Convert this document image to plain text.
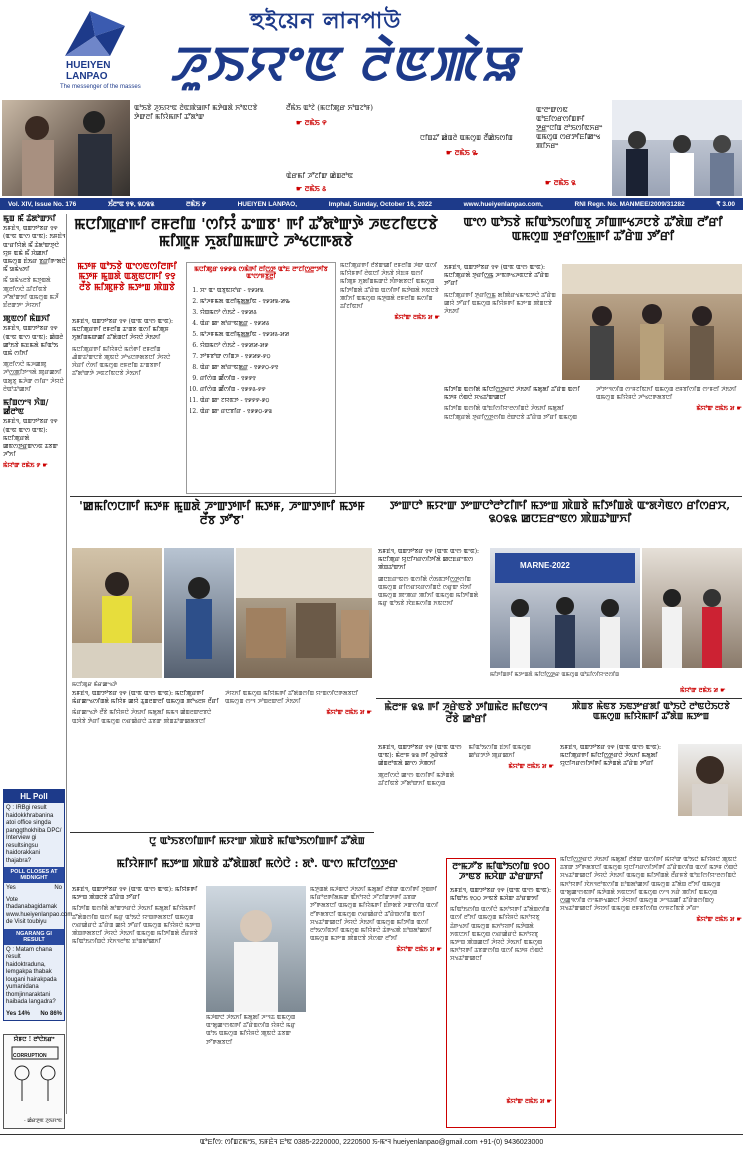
HUEIYEN
LANPAO
The messenger of the masses
হুইয়েন লানপাউ
ꯍꯨꯏꯌꯦꯟ ꯂꯥꯟꯄꯥꯎ
ꯑꯣꯏꯕꯥ ꯍꯨꯏꯌꯦꯟ ꯂꯥꯟꯄꯥꯎꯒꯤ ꯃꯇꯥꯡꯗꯥ ꯈꯣꯟꯅꯕꯥ ꯇꯥꯛꯂꯤ ꯃꯤꯌꯥꯃꯒꯤ ꯊꯧꯗꯣꯛ
ꯂꯩꯃꯥꯏ ꯑꯣꯖꯥ (ꯃꯅꯤꯄꯨꯔ ꯈꯣꯡꯖꯣꯝ)
☛ ꯂꯃꯥꯏ ꯵
ꯅꯤꯡꯊꯧ ꯀꯥꯡꯂꯥ ꯑꯃꯁꯨꯡ ꯂꯩꯀꯥꯏꯁꯤꯡ
☛ ꯂꯃꯥꯏ ꯳
ꯑꯥꯔꯃꯤ ꯍꯧꯖꯤꯛ ꯀꯥꯡꯂꯣꯟ
☛ ꯂꯃꯥꯏ ꯴
ꯑꯦꯂꯦꯛꯁꯟ ꯑꯣꯐꯤꯁꯔꯁꯤꯡꯒꯤ ꯇ꯭ꯔꯦꯅꯤꯡ ꯂꯣꯏꯁꯤꯟꯈꯔꯦ ꯑꯃꯁꯨꯡ ꯁꯔꯇꯤꯐꯤꯀꯦꯠ ꯄꯤꯈꯔꯦ
☛ ꯂꯃꯥꯏ ꯲
Vol. XIV, Issue No. 176	ꯏꯪꯂꯦꯟ ꯱꯶, ꯲꯰꯲꯲	ꯂꯃꯥꯏ ꯸	HUEIYEN LANPAO,	Imphal, Sunday, October 16, 2022	www.hueiyenlanpao.com,	RNI Regn. No. MANMEE/2009/31282	₹ 3.00
ꯃꯨꯡ ꯃꯩ ꯊꯥꯗꯣꯛꯈꯤ

ꯏꯝꯐꯥꯜ, ꯑꯛꯇꯣꯕꯔ ꯱꯵ (ꯑꯦꯟ ꯑꯦꯁ ꯑꯦꯟ): ꯏꯝꯐꯥꯜ ꯑꯦꯔꯤꯌꯥꯗꯥ ꯃꯩ ꯊꯥꯗꯣꯛꯇꯨꯅꯥ ꯌꯨꯝ ꯑꯃꯥ ꯃꯩ ꯆꯥꯀꯈꯤ ꯑꯃꯁꯨꯡ ꯐꯥꯏꯔ ꯕ꯭ꯔꯤꯒꯦꯗꯅꯥ ꯃꯩ ꯎꯃꯥꯠꯈꯤ

ꯃꯩ ꯎꯃꯥꯠꯂꯕꯥ ꯃꯇꯨꯡꯗꯥ ꯄꯨꯂꯤꯁꯅꯥ ꯊꯤꯖꯤꯟꯕꯥ ꯍꯧꯗꯣꯛꯈꯤ ꯑꯃꯁꯨꯡ ꯃꯍꯩ ꯐꯪꯂꯛꯇꯦ ꯍꯥꯌꯈꯤ

ꯄꯨꯟꯁꯤ ꯃꯥꯡꯈꯤ

ꯏꯝꯐꯥꯜ, ꯑꯛꯇꯣꯕꯔ ꯱꯵ (ꯑꯦꯟ ꯑꯦꯁ ꯑꯦꯟ): ꯀꯥꯡꯂꯥ ꯀꯣꯏꯕꯥ ꯃꯐꯃꯗꯥ ꯃꯤꯑꯣꯏ ꯑꯃꯥ ꯁꯤꯈꯤ

ꯄꯨꯂꯤꯁꯅꯥ ꯃꯍꯀꯄꯨ ꯍꯣꯁ꯭ꯄꯤꯇꯦꯜꯗꯥ ꯄꯨꯔꯀꯈꯤ ꯑꯗꯨꯕꯨ ꯃꯍꯥꯛ ꯁꯤꯔꯦ ꯍꯥꯌꯅꯥ ꯂꯥꯑꯣꯊꯣꯀꯈꯤ

ꯃꯤꯡꯁꯦꯜ ꯈꯥꯡ/ꯀꯪꯂꯣꯟ

ꯏꯝꯐꯥꯜ, ꯑꯛꯇꯣꯕꯔ ꯱꯵ (ꯑꯦꯟ ꯑꯦꯁ ꯑꯦꯟ): ꯃꯅꯤꯄꯨꯔꯗꯥ ꯀꯟꯁꯇ꯭ꯔꯛꯁꯟ ꯊꯕꯛ ꯍꯧꯈꯤ

ꯃꯥꯌꯣꯛ ꯂꯃꯥꯏ ꯸ ☛
HL Poll
Q : IRBgi result haidokkhrabanina atoi office singda panggthokhiba DPC/ Interview gi resultsingsu haidorakkani thajabra?
POLL CLOSES AT MIDNIGHT
Yes	No
Vote thadanabagidamak www.hueiyenlanpao.com de Visit toubiyu
NGARANG GI RESULT
Q : Matam chana result haidoktraduna, lemgakpa thabak lougani hairakpada yumanidana thomjinnaraktani haibada langadra?
Yes 14% No 86%
ꯌꯥꯝꯅ ! ꯂꯣꯅꯥꯏꯔꯦ
CORRUPTION
- ꯀꯥꯔꯇꯨꯟ ꯍꯨꯏꯌꯦꯟ
ꯃꯅꯤꯄꯨꯔꯒꯤ ꯂꯝꯂꯤꯡ 'ꯁꯤꯌꯪ ꯊꯦꯡꯕ' ꯒꯤ ꯊꯧꯗꯣꯛꯇꯥ ꯍꯟꯖꯤꯟꯅꯕꯥ ꯃꯤꯄꯨꯝ ꯈꯨꯗꯤꯡꯃꯛꯅꯥ ꯍꯣꯠꯅꯒꯗꯕꯥ
ꯃꯇꯝ ꯑꯣꯏꯕꯥ ꯑꯦꯁꯟꯁꯤꯂꯒꯤ ꯃꯇꯝ ꯃꯨꯡꯗꯥ ꯑꯗꯨꯟꯅꯒꯤ ꯱꯱ ꯂꯩꯕꯥ ꯃꯤꯄꯨꯝꯕꯥ ꯃꯇꯦꯡ ꯄꯥꯡꯕꯥ

ꯏꯝꯐꯥꯜ, ꯑꯛꯇꯣꯕꯔ ꯱꯵ (ꯑꯦꯟ ꯑꯦꯁ ꯑꯦꯟ): ꯃꯅꯤꯄꯨꯔꯒꯤ ꯂꯝꯂꯤꯡ ꯊꯦꯡꯕ ꯑꯁꯤ ꯃꯤꯄꯨꯝ ꯈꯨꯗꯤꯡꯃꯛꯀꯤ ꯊꯧꯗꯥꯡꯅꯤ ꯍꯥꯌꯅꯥ ꯍꯥꯏꯈꯤ

ꯃꯅꯤꯄꯨꯔꯒꯤ ꯃꯤꯌꯥꯝꯅꯥ ꯃꯁꯥꯒꯤ ꯂꯝꯂꯤꯡ ꯉꯥꯛꯊꯣꯛꯅꯕꯥ ꯄꯨꯟꯅꯥ ꯍꯣꯠꯅꯒꯗꯕꯅꯤ ꯍꯥꯌꯅꯥ ꯋꯥꯔꯤ ꯁꯥꯈꯤ ꯑꯃꯁꯨꯡ ꯂꯝꯂꯤꯡ ꯊꯦꯡꯕꯒꯤ ꯊꯧꯗꯣꯛꯇꯥ ꯍꯟꯖꯤꯟꯅꯕꯥ ꯍꯥꯏꯈꯤ

ꯃꯅꯤꯄꯨꯔ ꯱꯹꯹꯲ ꯁꯃꯥꯒꯤ ꯂꯤꯁ꯭ꯇ ꯑꯣꯐ ꯂꯦꯖꯤꯁ꯭ꯂꯦꯇꯤꯕ ꯑꯦꯁꯦꯝꯕ꯭ꯂꯤ
1. ꯆꯦ ꯑꯦ ꯑꯕꯨꯟꯆꯣꯔ - ꯱꯹꯷꯲
2. ꯃꯣꯍꯝꯃꯗ ꯑꯂꯤꯃꯨꯗ꯭ꯗꯤꯟ - ꯱꯹꯷꯲-꯷꯳
3. ꯌꯥꯡꯃꯁꯣ ꯁꯥꯏꯖꯥ - ꯱꯹꯷꯴
4. ꯑꯥꯔ ꯀꯦ ꯗꯣꯔꯦꯟꯗ꯭ꯔ - ꯱꯹꯷꯴
5. ꯃꯣꯍꯝꯃꯗ ꯑꯂꯤꯃꯨꯗ꯭ꯗꯤꯟ - ꯱꯹꯷꯴-꯷꯷
6. ꯌꯥꯡꯃꯁꯣ ꯁꯥꯏꯖꯥ - ꯱꯹꯷꯷-꯷꯹
7. ꯇꯣꯝꯕꯣꯛ ꯁꯤꯡꯍ - ꯱꯹꯷꯹-꯸꯰
8. ꯑꯥꯔ ꯀꯦ ꯗꯣꯔꯦꯟꯗ꯭ꯔ - ꯱꯹꯸꯰-꯸꯱
9. ꯔꯤꯁꯥꯡ ꯀꯩꯁꯤꯡ - ꯱꯹꯸꯱
10. ꯔꯤꯁꯥꯡ ꯀꯩꯁꯤꯡ - ꯱꯹꯸꯴-꯸꯸
11. ꯑꯥꯔ ꯀꯦ ꯖꯌꯟꯇ - ꯱꯹꯸꯸-꯹꯰
12. ꯑꯥꯔ ꯀꯦ ꯔꯅꯕꯤꯔ - ꯱꯹꯹꯰-꯹꯲

ꯃꯅꯤꯄꯨꯔꯒꯤ ꯂꯩꯕꯥꯛꯀꯤ ꯂꯝꯂꯤꯡ ꯍꯥꯛ ꯑꯁꯤ ꯃꯤꯌꯥꯝꯒꯤ ꯂꯥꯟꯅꯤ ꯍꯥꯏꯕꯥ ꯋꯥꯐꯝ ꯑꯁꯤ ꯃꯤꯄꯨꯝ ꯈꯨꯗꯤꯡꯃꯛꯅꯥ ꯈꯪꯒꯗꯕꯅꯤ ꯑꯃꯁꯨꯡ ꯃꯤꯇꯤꯡꯗꯥ ꯊꯧꯔꯥꯡ ꯑꯁꯤꯒꯤ ꯃꯇꯥꯡꯗꯥ ꯈꯟꯅꯕꯥ ꯄꯤꯈꯤ ꯑꯃꯁꯨꯡ ꯃꯇꯨꯡꯗꯥ ꯂꯝꯂꯤꯡ ꯃꯁꯤꯡ ꯊꯤꯖꯤꯟꯈꯤ

ꯃꯥꯌꯣꯛ ꯂꯃꯥꯏ ꯷ ☛
ꯑꯦꯁ ꯑꯣꯏꯕꯥ ꯃꯤꯑꯣꯏꯁꯤꯡꯕꯨ ꯍꯤꯡꯒꯠꯍꯅꯕꯥ ꯊꯧꯗꯥꯡ ꯂꯧꯔꯤ ꯑꯃꯁꯨꯡ ꯇꯨꯔꯤꯁ꯭ꯃꯒꯤ ꯊꯧꯔꯥꯡ ꯇꯧꯔꯤ

ꯏꯝꯐꯥꯜ, ꯑꯛꯇꯣꯕꯔ ꯱꯵ (ꯑꯦꯟ ꯑꯦꯁ ꯑꯦꯟ): ꯃꯅꯤꯄꯨꯔꯗꯥ ꯇꯨꯔꯤꯁ꯭ꯃ ꯍꯦꯟꯒꯠꯍꯟꯅꯕꯥ ꯊꯧꯔꯥꯡ ꯇꯧꯔꯤ

ꯃꯅꯤꯄꯨꯔꯒꯤ ꯇꯨꯔꯤꯁ꯭ꯃ ꯗꯤꯄꯥꯔꯠꯃꯦꯟꯇꯅꯥ ꯊꯧꯔꯥꯡ ꯀꯌꯥ ꯇꯧꯔꯤ ꯑꯃꯁꯨꯡ ꯃꯤꯌꯥꯝꯒꯤ ꯃꯇꯦꯡ ꯄꯥꯡꯅꯕꯥ ꯍꯥꯏꯈꯤ

ꯃꯤꯇꯤꯡ ꯑꯁꯤꯗꯥ ꯃꯤꯅꯤꯁ꯭ꯇꯔꯅꯥ ꯍꯥꯏꯈꯤ ꯃꯗꯨꯗꯤ ꯊꯧꯔꯥꯡ ꯑꯁꯤ ꯃꯇꯝ ꯁꯥꯡꯅꯥ ꯆꯠꯊꯣꯛꯀꯅꯤ

ꯃꯤꯇꯤꯡ ꯑꯁꯤꯗꯥ ꯑꯣꯐꯤꯁꯤꯌꯦꯂꯁꯤꯡꯅꯥ ꯍꯥꯏꯈꯤ ꯃꯗꯨꯗꯤ ꯃꯅꯤꯄꯨꯔꯗꯥ ꯇꯨꯔꯤꯁ꯭ꯇꯁꯤꯡ ꯂꯥꯛꯅꯕꯥ ꯊꯧꯔꯥꯡ ꯇꯧꯔꯤ ꯑꯃꯁꯨꯡ ꯍꯣꯇꯦꯜꯁꯤꯡ ꯁꯦꯝꯖꯤꯟꯈꯤ ꯑꯃꯁꯨꯡ ꯂꯝꯕꯤꯁꯤꯡ ꯁꯦꯝꯂꯤ ꯍꯥꯏꯈꯤ ꯑꯃꯁꯨꯡ ꯃꯤꯌꯥꯝꯅꯥ ꯍꯣꯠꯅꯒꯗꯕꯅꯤ

ꯃꯥꯌꯣꯛ ꯂꯃꯥꯏ ꯷ ☛
'ꯀꯃꯤꯁꯅꯒꯤ ꯃꯇꯝ ꯃꯨꯡꯗꯥ ꯍꯦꯛꯇꯒꯤ ꯃꯇꯝ, ꯍꯦꯛꯇꯒꯤ ꯃꯇꯝ ꯂꯩꯕ ꯇꯧꯕ'
ꯃꯅꯤꯄꯨꯔ ꯃꯥꯔꯀꯦꯠꯇꯥ

ꯏꯝꯐꯥꯜ, ꯑꯛꯇꯣꯕꯔ ꯱꯵ (ꯑꯦꯟ ꯑꯦꯁ ꯑꯦꯟ): ꯃꯅꯤꯄꯨꯔꯒꯤ ꯃꯥꯔꯀꯦꯠꯁꯤꯡꯗꯥ ꯃꯤꯌꯥꯝ ꯀꯌꯥ ꯊꯨꯡꯂꯛꯂꯤ ꯑꯃꯁꯨꯡ ꯄꯣꯠꯂꯝ ꯂꯩꯔꯤ

ꯃꯥꯔꯀꯦꯠꯇꯥ ꯂꯩꯕꯥ ꯃꯤꯌꯥꯝꯅꯥ ꯍꯥꯏꯈꯤ ꯃꯗꯨꯗꯤ ꯃꯃꯜ ꯀꯥꯡꯂꯛꯂꯕꯅꯥ ꯑꯋꯥꯕꯥ ꯇꯥꯔꯤ ꯑꯃꯁꯨꯡ ꯁꯔꯀꯥꯔꯅꯥ ꯊꯕꯛ ꯄꯥꯡꯊꯣꯛꯀꯗꯕꯅꯤ ꯍꯥꯌꯈꯤ ꯑꯃꯁꯨꯡ ꯃꯤꯌꯥꯃꯒꯤ ꯊꯧꯗꯥꯡꯁꯤꯡ ꯌꯦꯡꯁꯤꯅꯒꯗꯕꯅꯤ ꯑꯃꯁꯨꯡ ꯁꯦꯜ ꯍꯣꯡꯂꯛꯂꯤ ꯍꯥꯏꯈꯤ

ꯃꯥꯌꯣꯛ ꯂꯃꯥꯏ ꯷ ☛
ꯇꯦꯛꯅꯣ ꯃꯌꯦꯛ ꯇꯦꯛꯅꯣꯂꯣꯖꯤꯒꯤ ꯃꯇꯦꯡ ꯄꯥꯡꯕꯥ ꯃꯤꯇꯤꯡꯗꯥ ꯑꯦꯗꯚꯥꯟꯁ ꯔꯤꯁꯔꯆ, ꯲꯰꯲꯲ ꯀꯅꯐꯔꯦꯟꯁ ꯄꯥꯡꯊꯣꯛꯈꯤ

ꯏꯝꯐꯥꯜ, ꯑꯛꯇꯣꯕꯔ ꯱꯵ (ꯑꯦꯟ ꯑꯦꯁ ꯑꯦꯟ): ꯃꯅꯤꯄꯨꯔ ꯌꯨꯅꯤꯚꯔꯁꯤꯇꯤꯗꯥ ꯀꯅꯐꯔꯦꯟꯁ ꯄꯥꯡꯊꯣꯛꯈꯤ

ꯀꯅꯐꯔꯦꯟꯁ ꯑꯁꯤꯗꯥ ꯁꯥꯏꯟꯇꯤꯁ꯭ꯇꯁꯤꯡ ꯑꯃꯁꯨꯡ ꯔꯤꯁꯔꯆꯔꯁꯤꯡꯅꯥ ꯁꯔꯨꯛ ꯌꯥꯈꯤ ꯑꯃꯁꯨꯡ ꯄꯦꯄꯔ ꯄꯤꯈꯤ ꯑꯃꯁꯨꯡ ꯃꯤꯇꯤꯡꯗꯥ ꯃꯔꯨ ꯑꯣꯏꯕꯥ ꯋꯥꯐꯃꯁꯤꯡ ꯈꯟꯅꯈꯤ

MARNE-2022
ꯃꯤꯇꯤꯡꯒꯤ ꯃꯇꯦꯡꯗꯥ ꯃꯤꯅꯤꯁ꯭ꯇꯔ ꯑꯃꯁꯨꯡ ꯑꯣꯐꯤꯁꯤꯌꯦꯂꯁꯤꯡ
ꯃꯥꯌꯣꯛ ꯂꯃꯥꯏ ꯷ ☛
ꯃꯥꯂꯦꯝ ꯲꯲ ꯒꯤ ꯍꯨꯔꯥꯟꯕꯥ ꯇꯤꯡꯃꯥꯂ ꯃꯤꯟꯁꯦꯜ ꯂꯩꯕꯥ ꯀꯣꯔꯤ

ꯏꯝꯐꯥꯜ, ꯑꯛꯇꯣꯕꯔ ꯱꯵ (ꯑꯦꯟ ꯑꯦꯁ ꯑꯦꯟ): ꯃꯥꯂꯦꯝ ꯲꯲ ꯒꯤ ꯍꯨꯔꯥꯟꯕꯥ ꯀꯥꯡꯂꯣꯟꯗꯥ ꯀꯦꯁ ꯍꯥꯄꯈꯤ

ꯄꯨꯂꯤꯁꯅꯥ ꯀꯦꯁ ꯑꯁꯤꯒꯤ ꯃꯇꯥꯡꯗꯥ ꯊꯤꯖꯤꯟꯕꯥ ꯍꯧꯗꯣꯛꯈꯤ ꯑꯃꯁꯨꯡ ꯃꯤꯑꯣꯏꯁꯤꯡ ꯐꯥꯈꯤ ꯑꯃꯁꯨꯡ ꯀꯣꯔꯇꯇꯥ ꯄꯨꯔꯀꯈꯤ

ꯃꯥꯌꯣꯛ ꯂꯃꯥꯏ ꯷ ☛
ꯄꯥꯡꯕ ꯃꯥꯟꯕ ꯏꯟꯇꯦꯔꯗꯤ ꯑꯣꯏꯅꯥ ꯂꯣꯟꯅꯥꯏꯅꯕꯥ ꯑꯃꯁꯨꯡ ꯃꯤꯌꯥꯃꯒꯤ ꯊꯧꯗꯥꯡ ꯃꯇꯦꯡ

ꯏꯝꯐꯥꯜ, ꯑꯛꯇꯣꯕꯔ ꯱꯵ (ꯑꯦꯟ ꯑꯦꯁ ꯑꯦꯟ): ꯃꯅꯤꯄꯨꯔꯒꯤ ꯃꯤꯅꯤꯁ꯭ꯇꯔꯅꯥ ꯍꯥꯏꯈꯤ ꯃꯗꯨꯗꯤ ꯌꯨꯅꯤꯚꯔꯁꯤꯇꯤꯒꯤ ꯃꯇꯥꯡꯗꯥ ꯊꯧꯔꯥꯡ ꯇꯧꯔꯤ

ꯃꯤꯅꯤꯁ꯭ꯇꯔꯅꯥ ꯍꯥꯏꯈꯤ ꯃꯗꯨꯗꯤ ꯂꯩꯕꯥꯛ ꯑꯁꯤꯒꯤ ꯃꯥꯌꯣꯛ ꯑꯣꯏꯅꯥ ꯃꯤꯌꯥꯝꯅꯥ ꯄꯨꯟꯅꯥ ꯊꯕꯛ ꯇꯧꯒꯗꯕꯅꯤ ꯑꯃꯁꯨꯡ ꯌꯨꯅꯤꯚꯔꯁꯤꯇꯤꯒꯤ ꯊꯧꯔꯥꯡꯁꯤꯡ ꯑꯁꯤ ꯃꯇꯝ ꯁꯥꯡꯅꯥ ꯆꯠꯊꯣꯛꯀꯅꯤ ꯍꯥꯌꯅꯥ ꯍꯥꯏꯈꯤ ꯑꯃꯁꯨꯡ ꯃꯤꯇꯤꯡꯗꯥ ꯂꯩꯔꯝꯕꯥ ꯑꯣꯐꯤꯁꯤꯌꯦꯂꯁꯤꯡꯅꯥ ꯃꯈꯣꯌꯒꯤ ꯋꯥꯈꯜꯂꯣꯟꯁꯤꯡ ꯐꯣꯡꯗꯣꯀꯈꯤ ꯑꯃꯁꯨꯡ ꯊꯧꯗꯥꯡ ꯂꯧꯈꯤ ꯑꯃꯁꯨꯡ ꯑꯦꯗꯨꯀꯦꯁꯟꯒꯤ ꯃꯇꯥꯡꯗꯥ ꯈꯟꯅꯈꯤ ꯑꯃꯁꯨꯡ ꯁꯦꯜ ꯈꯔꯥ ꯄꯤꯈꯤ ꯑꯃꯁꯨꯡ ꯁ꯭ꯀꯨꯜꯁꯤꯡ ꯁꯦꯃꯒꯠꯀꯅꯤ ꯍꯥꯌꯈꯤ ꯑꯃꯁꯨꯡ ꯍꯦꯜꯊꯀꯤ ꯊꯧꯔꯥꯡꯁꯤꯡꯁꯨ ꯆꯠꯊꯣꯛꯀꯅꯤ ꯍꯥꯌꯈꯤ ꯑꯃꯁꯨꯡ ꯂꯝꯕꯤꯁꯤꯡ ꯁꯦꯝꯖꯤꯟꯕꯥ ꯍꯧꯔꯦ

ꯃꯥꯌꯣꯛ ꯂꯃꯥꯏ ꯷ ☛
ꯅꯨ ꯑꯣꯏꯕꯁꯤꯡꯒꯤ ꯃꯌꯦꯛ ꯄꯥꯡꯕꯥ ꯃꯤꯑꯣꯏꯁꯤꯡꯒꯤ ꯊꯧꯗꯥꯡ
ꯃꯤꯌꯥꯝꯒꯤ ꯃꯇꯦꯡ ꯄꯥꯡꯕꯥ ꯊꯧꯗꯥꯡꯗꯤ ꯃꯁꯥꯅꯥ : ꯗꯣ. ꯑꯦꯁ ꯃꯤꯅꯤꯁ꯭ꯇꯔ

ꯏꯝꯐꯥꯜ, ꯑꯛꯇꯣꯕꯔ ꯱꯵ (ꯑꯦꯟ ꯑꯦꯁ ꯑꯦꯟ): ꯃꯤꯌꯥꯝꯒꯤ ꯃꯇꯦꯡ ꯄꯥꯡꯅꯕꯥ ꯊꯧꯔꯥꯡ ꯇꯧꯔꯤ

ꯃꯤꯇꯤꯡ ꯑꯁꯤꯗꯥ ꯗꯣꯛꯇꯔꯅꯥ ꯍꯥꯏꯈꯤ ꯃꯗꯨꯗꯤ ꯃꯤꯌꯥꯃꯒꯤ ꯊꯧꯗꯥꯡꯁꯤꯡ ꯑꯁꯤ ꯃꯔꯨ ꯑꯣꯏꯅꯥ ꯌꯦꯡꯒꯗꯕꯅꯤ ꯑꯃꯁꯨꯡ ꯁꯔꯀꯥꯔꯅꯥ ꯊꯧꯔꯥꯡ ꯀꯌꯥ ꯇꯧꯔꯤ ꯑꯃꯁꯨꯡ ꯃꯤꯌꯥꯝꯅꯥ ꯃꯇꯦꯡ ꯄꯥꯡꯒꯗꯕꯅꯤ ꯍꯥꯌꯅꯥ ꯍꯥꯏꯈꯤ ꯑꯃꯁꯨꯡ ꯃꯤꯇꯤꯡꯗꯥ ꯂꯩꯔꯝꯕꯥ ꯃꯤꯑꯣꯏꯁꯤꯡꯅꯥ ꯋꯥꯈꯜꯂꯣꯟ ꯐꯣꯡꯗꯣꯀꯈꯤ

ꯃꯍꯥꯛꯅꯥ ꯍꯥꯏꯈꯤ ꯃꯗꯨꯗꯤ ꯍꯦꯜꯊ ꯑꯃꯁꯨꯡ ꯑꯦꯗꯨꯀꯦꯁꯟꯒꯤ ꯊꯧꯔꯥꯡꯁꯤꯡ ꯌꯥꯝꯅꯥ ꯃꯔꯨ ꯑꯣꯏ ꯑꯃꯁꯨꯡ ꯃꯤꯌꯥꯝꯅꯥ ꯄꯨꯟꯅꯥ ꯊꯕꯛ ꯇꯧꯒꯗꯕꯅꯤ

ꯃꯇꯨꯡꯗꯥ ꯃꯍꯥꯛꯅꯥ ꯍꯥꯏꯈꯤ ꯃꯗꯨꯗꯤ ꯂꯩꯕꯥꯛ ꯑꯁꯤꯒꯤ ꯇꯨꯡꯒꯤ ꯃꯤꯔꯣꯂꯒꯤꯗꯃꯛ ꯑꯩꯈꯣꯌꯅꯥ ꯍꯧꯖꯤꯛꯇꯒꯤ ꯊꯕꯛ ꯇꯧꯒꯗꯕꯅꯤ ꯑꯃꯁꯨꯡ ꯃꯤꯌꯥꯃꯒꯤ ꯐꯪꯒꯗꯕꯥ ꯍꯛꯁꯤꯡ ꯑꯁꯤ ꯂꯧꯒꯗꯕꯅꯤ ꯑꯃꯁꯨꯡ ꯁꯔꯀꯥꯔꯅꯥ ꯊꯧꯔꯥꯡꯁꯤꯡ ꯑꯁꯤ ꯆꯠꯊꯣꯛꯀꯅꯤ ꯍꯥꯌꯅꯥ ꯍꯥꯏꯈꯤ ꯑꯃꯁꯨꯡ ꯃꯤꯇꯤꯡ ꯑꯁꯤ ꯂꯣꯏꯁꯤꯟꯈꯤ ꯑꯃꯁꯨꯡ ꯃꯤꯌꯥꯝꯅꯥ ꯊꯥꯒꯠꯄꯥ ꯐꯣꯡꯗꯣꯀꯈꯤ ꯑꯃꯁꯨꯡ ꯃꯇꯦꯡ ꯄꯥꯡꯅꯕꯥ ꯋꯥꯁꯛ ꯂꯧꯈꯤ

ꯃꯥꯌꯣꯛ ꯂꯃꯥꯏ ꯷ ☛
ꯂꯦꯃꯍꯧꯕ ꯃꯤꯑꯣꯏꯁꯤꯡ ꯱꯰꯰ ꯍꯦꯟꯕ ꯃꯆꯥꯛ ꯊꯣꯔꯛꯈꯤ

ꯏꯝꯐꯥꯜ, ꯑꯛꯇꯣꯕꯔ ꯱꯵ (ꯑꯦꯟ ꯑꯦꯁ ꯑꯦꯟ): ꯃꯤꯑꯣꯏ ꯱꯰꯰ ꯍꯦꯟꯕꯥ ꯃꯆꯥꯛ ꯊꯣꯔꯛꯈꯤ

ꯃꯤꯑꯣꯏꯁꯤꯡ ꯑꯁꯤꯅꯥ ꯃꯈꯣꯌꯒꯤ ꯊꯧꯗꯥꯡꯁꯤꯡ ꯑꯁꯤ ꯂꯧꯈꯤ ꯑꯃꯁꯨꯡ ꯃꯤꯌꯥꯝꯅꯥ ꯃꯈꯣꯌꯕꯨ ꯊꯥꯒꯠꯈꯤ ꯑꯃꯁꯨꯡ ꯃꯈꯣꯌꯒꯤ ꯃꯇꯥꯡꯗꯥ ꯈꯟꯅꯈꯤ ꯑꯃꯁꯨꯡ ꯁꯔꯀꯥꯔꯅꯥ ꯃꯈꯣꯌꯕꯨ ꯃꯇꯦꯡ ꯄꯥꯡꯀꯅꯤ ꯍꯥꯌꯅꯥ ꯍꯥꯏꯈꯤ ꯑꯃꯁꯨꯡ ꯃꯈꯣꯌꯒꯤ ꯊꯕꯛꯁꯤꯡ ꯑꯁꯤ ꯃꯇꯝ ꯁꯥꯡꯅꯥ ꯆꯠꯊꯣꯛꯀꯅꯤ

ꯃꯥꯌꯣꯛ ꯂꯃꯥꯏ ꯷ ☛
ꯑꯣꯐꯤꯁ: ꯁꯤꯡꯖꯃꯦꯏ, ꯏꯝꯐꯥꯜ ꯐꯣꯟ 0385-2220000, 2220500 ꯏ-ꯃꯦꯜ hueiyenlanpao@gmail.com +91-(0) 9436023000
